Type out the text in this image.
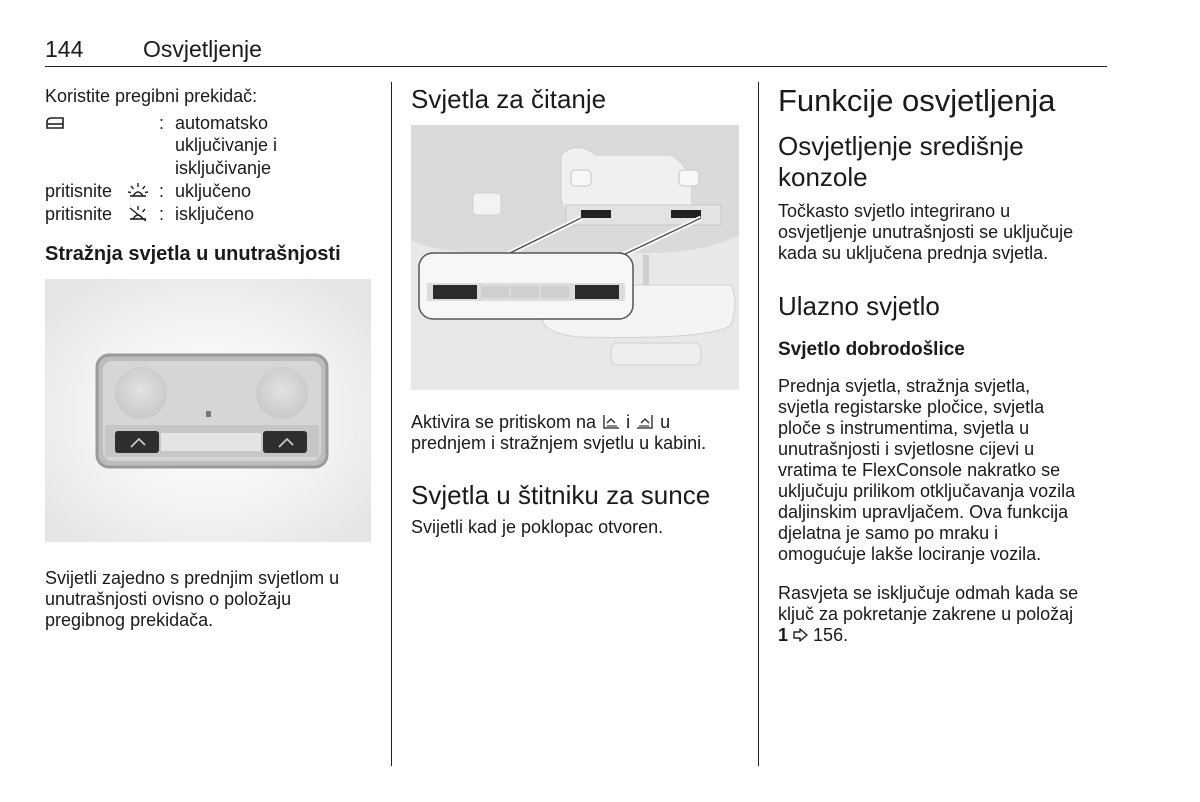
144	Osvjetljenje

Koristite pregibni prekidač:

: automatsko
uključivanje i
isključivanje
pritisnite	: uključeno
pritisnite	: isključeno
Stražnja svjetla u unutrašnjosti

Svijetli zajedno s prednjim svjetlom u

unutrašnjosti ovisno o položaju

pregibnog prekidača.

Svjetla za čitanje

Aktivira se pritiskom na i u

prednjem i stražnjem svjetlu u kabini.

Svjetla u štitniku za sunce

Svijetli kad je poklopac otvoren.

Funkcije osvjetljenja
Osvjetljenje središnje
konzole

Točkasto svjetlo integrirano u

osvjetljenje unutrašnjosti se uključuje

kada su uključena prednja svjetla.

Ulazno svjetlo
Svjetlo dobrodošlice

Prednja svjetla, stražnja svjetla,

svjetla registarske pločice, svjetla

ploče s instrumentima, svjetla u

unutrašnjosti i svjetlosne cijevi u

vratima te FlexConsole nakratko se

uključuju prilikom otključavanja vozila

daljinskim upravljačem. Ova funkcija

djelatna je samo po mraku i

omogućuje lakše lociranje vozila.

Rasvjeta se isključuje odmah kada se

ključ za pokretanje zakrene u položaj

1 156.
